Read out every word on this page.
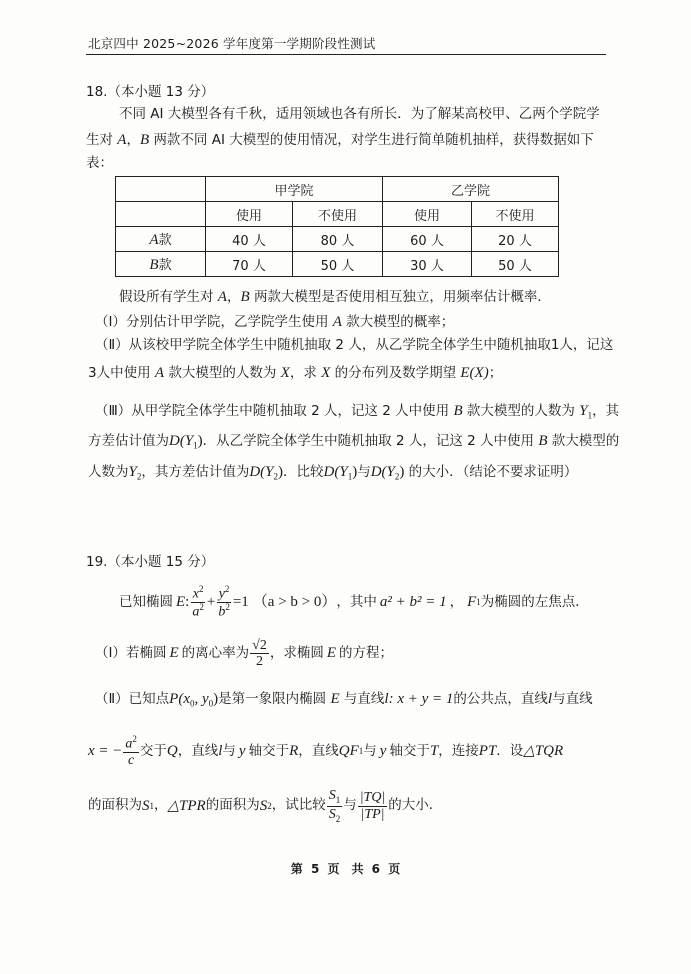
北京四中 2025~2026 学年度第一学期阶段性测试
18.（本小题 13 分）
不同 AI 大模型各有千秋，适用领域也各有所长．为了解某高校甲、乙两个学院学
生对 A，B 两款不同 AI 大模型的使用情况，对学生进行简单随机抽样，获得数据如下
表：
	甲学院		乙学院	
	使用	不使用	使用	不使用
A款	40 人	80 人	60 人	20 人
B款	70 人	50 人	30 人	50 人
假设所有学生对 A，B 两款大模型是否使用相互独立，用频率估计概率．
（Ⅰ）分别估计甲学院，乙学院学生使用 A 款大模型的概率；
（Ⅱ）从该校甲学院全体学生中随机抽取 2 人，从乙学院全体学生中随机抽取1人，记这
3人中使用 A 款大模型的人数为 X，求 X 的分布列及数学期望 E(X)；
（Ⅲ）从甲学院全体学生中随机抽取 2 人，记这 2 人中使用 B 款大模型的人数为 $Y_1$，其
方差估计值为$D(Y_1)$．从乙学院全体学生中随机抽取 2 人，记这 2 人中使用 B 款大模型的
人数为$Y_2$，其方差估计值为$D(Y_2)$．比较$D(Y_1)$与$D(Y_2)$ 的大小．（结论不要求证明）
19.（本小题 15 分）
已知椭圆 E : $\frac{x^2}{a^2} + \frac{y^2}{b^2} =1$ （a > b > 0） ，其中 a² + b² = 1 ， F 1 为椭圆的左焦点．
（Ⅰ）若椭圆 E 的离心率为 $\frac{√2}{2}$ ，求椭圆 E 的方程；
（Ⅱ）已知点$P(x_0$, $y_0$)是第一象限内椭圆 E 与直线l: x + y = 1的公共点，直线l与直线
x = − $\frac{a^2}{c}$ 交于 Q ，直线 l 与 y 轴交于 R ，直线 QF 1 与 y 轴交于 T ，连接 PT ．设 △TQR
的面积为 S 1 ， △TPR 的面积为 S 2 ，试比较 $\frac{S_1}{S_2}$ 与 $\frac{|TQ|}{|TP|}$ 的大小．
第 5 页　共 6 页
